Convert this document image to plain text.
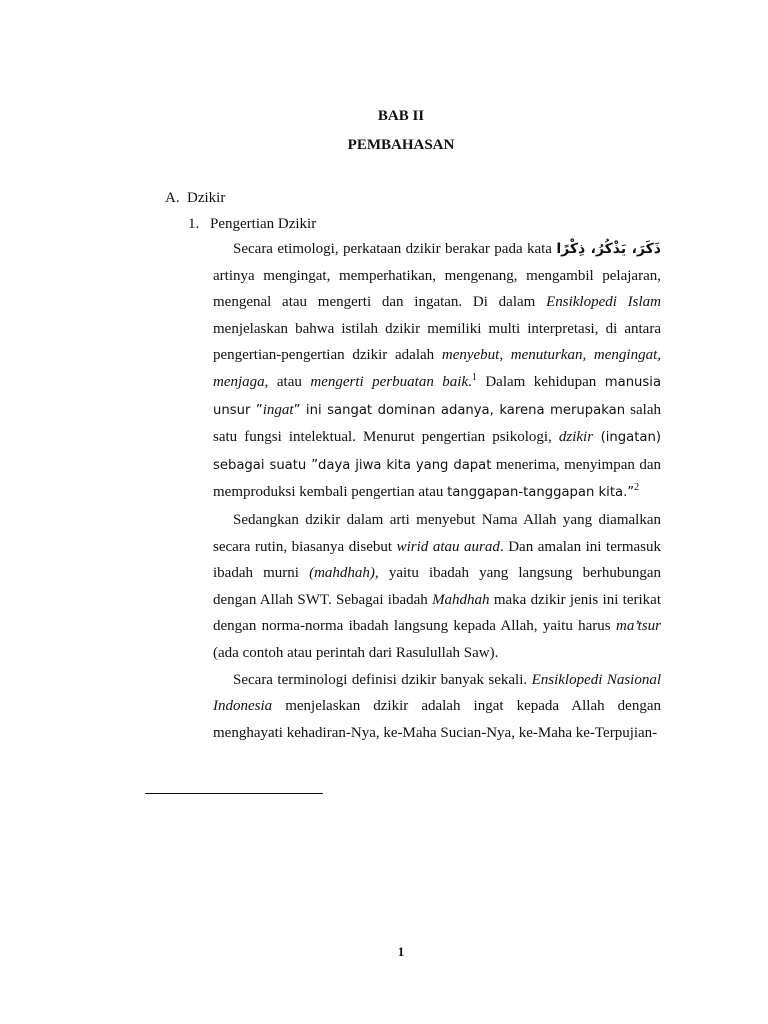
BAB II
PEMBAHASAN
A. Dzikir
1. Pengertian Dzikir

Secara etimologi, perkataan dzikir berakar pada kata ذَكَرَ، يَذْكُرُ، ذِكْرًا artinya mengingat, memperhatikan, mengenang, mengambil pelajaran, mengenal atau mengerti dan ingatan. Di dalam Ensiklopedi Islam menjelaskan bahwa istilah dzikir memiliki multi interpretasi, di antara pengertian-pengertian dzikir adalah menyebut, menuturkan, mengingat, menjaga, atau mengerti perbuatan baik.$^1$ Dalam kehidupan manusia unsur ”ingat” ini sangat dominan adanya, karena merupakan salah satu fungsi intelektual. Menurut pengertian psikologi, dzikir (ingatan) sebagai suatu ”daya jiwa kita yang dapat menerima, menyimpan dan memproduksi kembali pengertian atau tanggapan-tanggapan kita.”$^2$

Sedangkan dzikir dalam arti menyebut Nama Allah yang diamalkan secara rutin, biasanya disebut wirid atau aurad. Dan amalan ini termasuk ibadah murni (mahdhah), yaitu ibadah yang langsung berhubungan dengan Allah SWT. Sebagai ibadah Mahdhah maka dzikir jenis ini terikat dengan norma-norma ibadah langsung kepada Allah, yaitu harus ma’tsur (ada contoh atau perintah dari Rasulullah Saw).

Secara terminologi definisi dzikir banyak sekali. Ensiklopedi Nasional Indonesia menjelaskan dzikir adalah ingat kepada Allah dengan menghayati kehadiran-Nya, ke-Maha Sucian-Nya, ke-Maha ke-Terpujian-

1
